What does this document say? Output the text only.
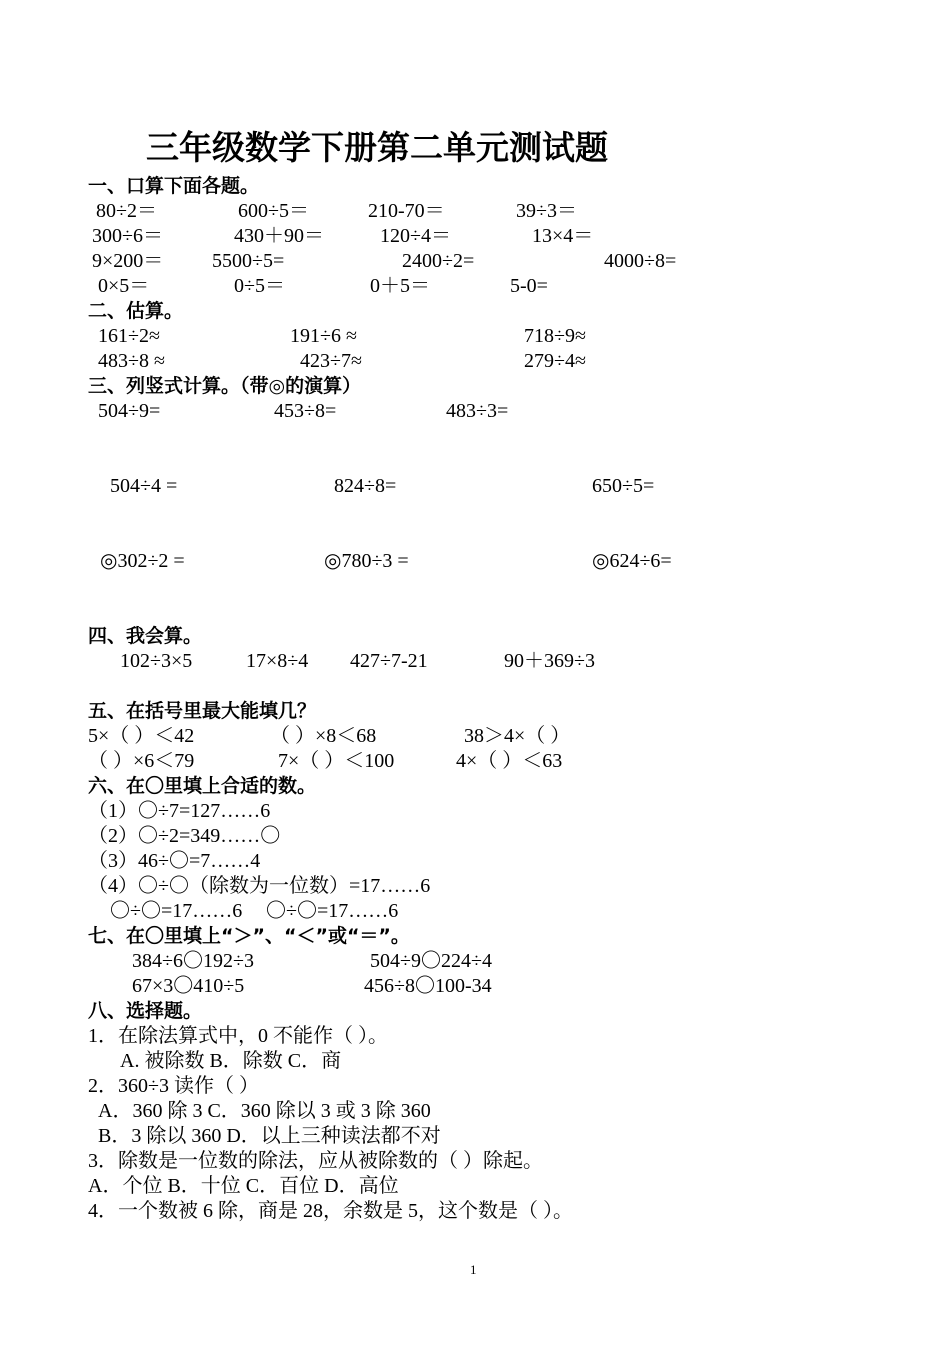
三年级数学下册第二单元测试题
一、口算下面各题。
80÷2＝	600÷5＝	210-70＝	39÷3＝
300÷6＝	430＋90＝	120÷4＝	13×4＝
9×200＝ 5500÷5=	2400÷2=	4000÷8=
0×5＝	0÷5＝	0＋5＝	5-0=
二、估算。
161÷2≈	191÷6 ≈	718÷9≈
483÷8 ≈	423÷7≈	279÷4≈
三、列竖式计算。（带◎的演算）
504÷9=	453÷8=	483÷3=
504÷4 =	824÷8=	650÷5=
◎302÷2 =	◎780÷3 =	◎624÷6=
四、我会算。
102÷3×5	17×8÷4 427÷7-21	90＋369÷3
五、在括号里最大能填几？
5×（ ）＜42	（ ）×8＜68	38＞4×（ ）
（ ）×6＜79	7×（ ）＜100	4×（ ）＜63
六、在〇里填上合适的数。
（1）〇÷7=127……6
（2）〇÷2=349……〇
（3）46÷〇=7……4
（4）〇÷〇（除数为一位数）=17……6
〇÷〇=17……6 〇÷〇=17……6
七、在〇里填上“＞”、“＜”或“＝”。
384÷6〇192÷3	504÷9〇224÷4
67×3〇410÷5	456÷8〇100-34
八、选择题。
1．在除法算式中，0 不能作（ ）。
A. 被除数 B．除数 C．商
2．360÷3 读作（ ）
A．360 除 3 C．360 除以 3 或 3 除 360
B．3 除以 360 D．以上三种读法都不对
3．除数是一位数的除法，应从被除数的（ ）除起。
A．个位 B．十位 C．百位 D．高位
4．一个数被 6 除，商是 28，余数是 5，这个数是（ ）。
1
